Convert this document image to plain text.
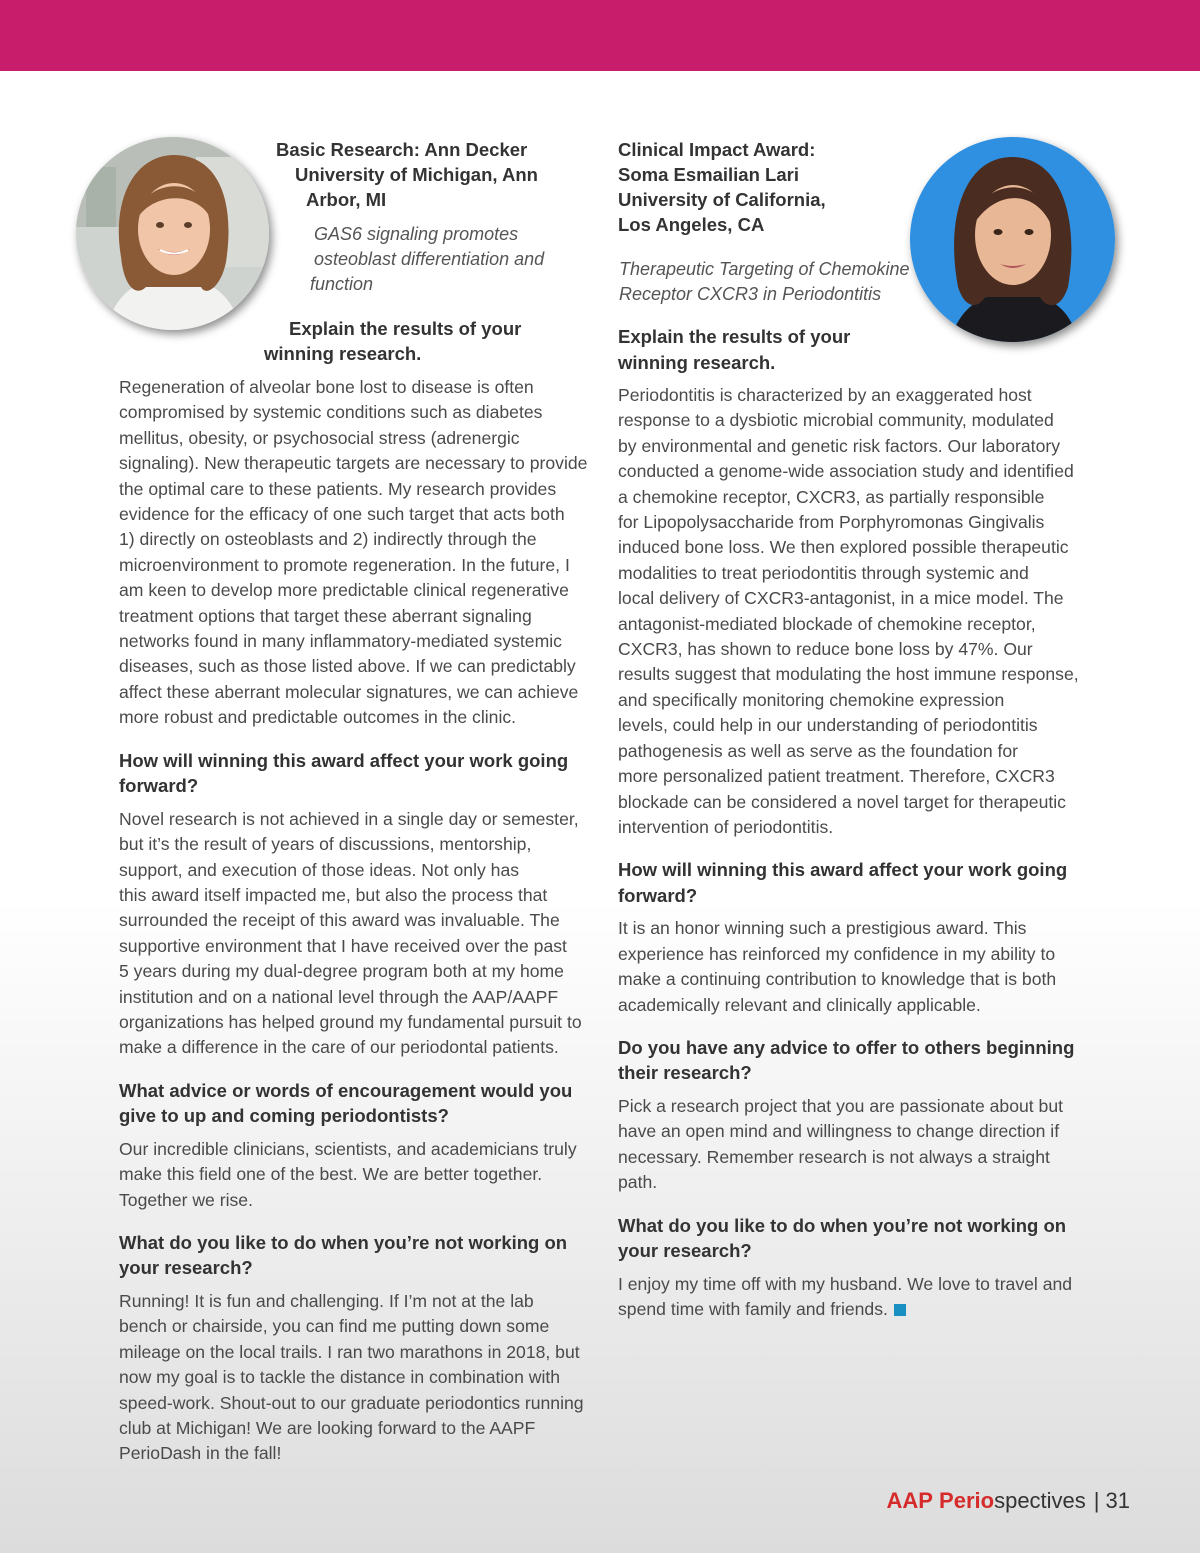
Basic Research: Ann Decker
University of Michigan, Ann
Arbor, MI
GAS6 signaling promotes
osteoblast differentiation and
function
Explain the results of your
winning research.
Regeneration of alveolar bone lost to disease is often
compromised by systemic conditions such as diabetes
mellitus, obesity, or psychosocial stress (adrenergic
signaling). New therapeutic targets are necessary to provide
the optimal care to these patients. My research provides
evidence for the efficacy of one such target that acts both
1) directly on osteoblasts and 2) indirectly through the
microenvironment to promote regeneration. In the future, I
am keen to develop more predictable clinical regenerative
treatment options that target these aberrant signaling
networks found in many inflammatory-mediated systemic
diseases, such as those listed above. If we can predictably
affect these aberrant molecular signatures, we can achieve
more robust and predictable outcomes in the clinic.
How will winning this award affect your work going
forward?
Novel research is not achieved in a single day or semester,
but it’s the result of years of discussions, mentorship,
support, and execution of those ideas. Not only has
this award itself impacted me, but also the process that
surrounded the receipt of this award was invaluable. The
supportive environment that I have received over the past
5 years during my dual-degree program both at my home
institution and on a national level through the AAP/AAPF
organizations has helped ground my fundamental pursuit to
make a difference in the care of our periodontal patients.
What advice or words of encouragement would you
give to up and coming periodontists?
Our incredible clinicians, scientists, and academicians truly
make this field one of the best. We are better together.
Together we rise.
What do you like to do when you’re not working on
your research?
Running! It is fun and challenging. If I’m not at the lab
bench or chairside, you can find me putting down some
mileage on the local trails. I ran two marathons in 2018, but
now my goal is to tackle the distance in combination with
speed-work. Shout-out to our graduate periodontics running
club at Michigan! We are looking forward to the AAPF
PerioDash in the fall!
Clinical Impact Award:
Soma Esmailian Lari
University of California,
Los Angeles, CA
Therapeutic Targeting of Chemokine
Receptor CXCR3 in Periodontitis
Explain the results of your
winning research.
Periodontitis is characterized by an exaggerated host
response to a dysbiotic microbial community, modulated
by environmental and genetic risk factors. Our laboratory
conducted a genome-wide association study and identified
a chemokine receptor, CXCR3, as partially responsible
for Lipopolysaccharide from Porphyromonas Gingivalis
induced bone loss. We then explored possible therapeutic
modalities to treat periodontitis through systemic and
local delivery of CXCR3-antagonist, in a mice model. The
antagonist-mediated blockade of chemokine receptor,
CXCR3, has shown to reduce bone loss by 47%. Our
results suggest that modulating the host immune response,
and specifically monitoring chemokine expression
levels, could help in our understanding of periodontitis
pathogenesis as well as serve as the foundation for
more personalized patient treatment. Therefore, CXCR3
blockade can be considered a novel target for therapeutic
intervention of periodontitis.
How will winning this award affect your work going
forward?
It is an honor winning such a prestigious award. This
experience has reinforced my confidence in my ability to
make a continuing contribution to knowledge that is both
academically relevant and clinically applicable.
Do you have any advice to offer to others beginning
their research?
Pick a research project that you are passionate about but
have an open mind and willingness to change direction if
necessary. Remember research is not always a straight
path.
What do you like to do when you’re not working on
your research?
I enjoy my time off with my husband. We love to travel and
spend time with family and friends.
AAP Periospectives | 31
